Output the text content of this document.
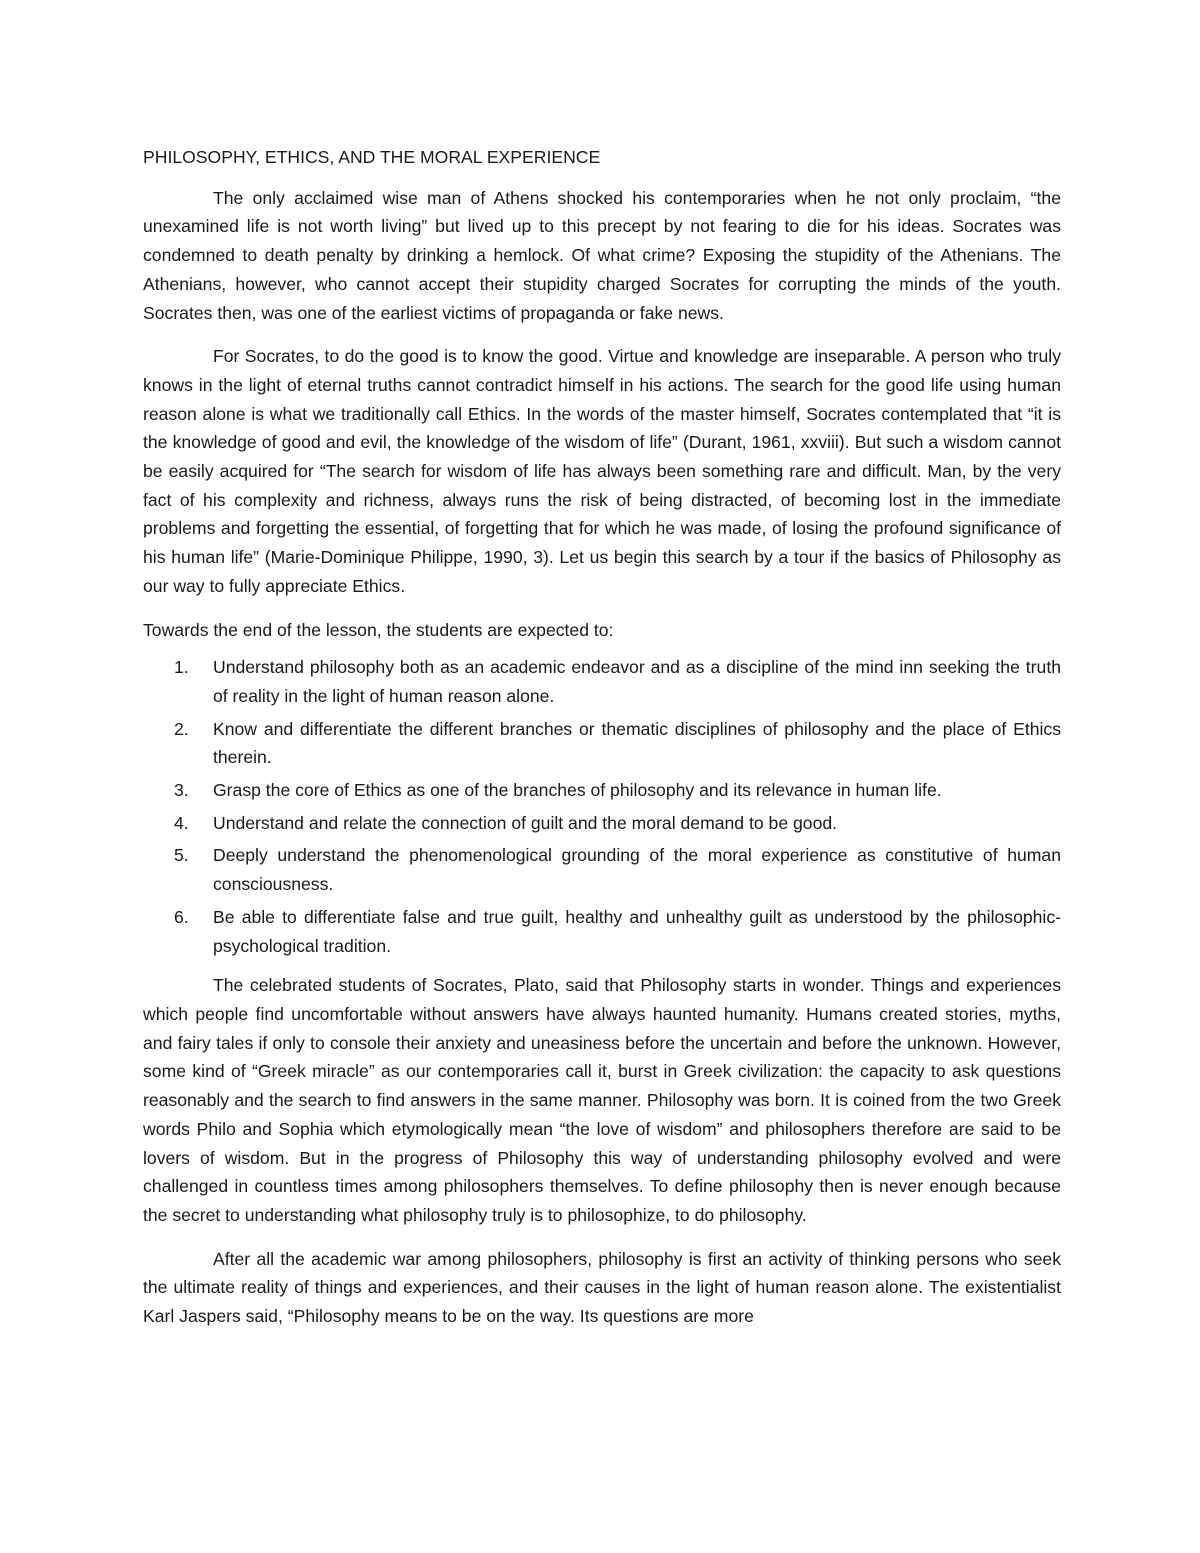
PHILOSOPHY, ETHICS, AND THE MORAL EXPERIENCE

The only acclaimed wise man of Athens shocked his contemporaries when he not only proclaim, “the unexamined life is not worth living” but lived up to this precept by not fearing to die for his ideas. Socrates was condemned to death penalty by drinking a hemlock. Of what crime? Exposing the stupidity of the Athenians. The Athenians, however, who cannot accept their stupidity charged Socrates for corrupting the minds of the youth. Socrates then, was one of the earliest victims of propaganda or fake news.

For Socrates, to do the good is to know the good. Virtue and knowledge are inseparable. A person who truly knows in the light of eternal truths cannot contradict himself in his actions. The search for the good life using human reason alone is what we traditionally call Ethics. In the words of the master himself, Socrates contemplated that “it is the knowledge of good and evil, the knowledge of the wisdom of life” (Durant, 1961, xxviii). But such a wisdom cannot be easily acquired for “The search for wisdom of life has always been something rare and difficult. Man, by the very fact of his complexity and richness, always runs the risk of being distracted, of becoming lost in the immediate problems and forgetting the essential, of forgetting that for which he was made, of losing the profound significance of his human life” (Marie-Dominique Philippe, 1990, 3). Let us begin this search by a tour if the basics of Philosophy as our way to fully appreciate Ethics.

Towards the end of the lesson, the students are expected to:

1. Understand philosophy both as an academic endeavor and as a discipline of the mind inn seeking the truth of reality in the light of human reason alone.
2. Know and differentiate the different branches or thematic disciplines of philosophy and the place of Ethics therein.
3. Grasp the core of Ethics as one of the branches of philosophy and its relevance in human life.
4. Understand and relate the connection of guilt and the moral demand to be good.
5. Deeply understand the phenomenological grounding of the moral experience as constitutive of human consciousness.
6. Be able to differentiate false and true guilt, healthy and unhealthy guilt as understood by the philosophic- psychological tradition.

The celebrated students of Socrates, Plato, said that Philosophy starts in wonder. Things and experiences which people find uncomfortable without answers have always haunted humanity. Humans created stories, myths, and fairy tales if only to console their anxiety and uneasiness before the uncertain and before the unknown. However, some kind of “Greek miracle” as our contemporaries call it, burst in Greek civilization: the capacity to ask questions reasonably and the search to find answers in the same manner. Philosophy was born. It is coined from the two Greek words Philo and Sophia which etymologically mean “the love of wisdom” and philosophers therefore are said to be lovers of wisdom. But in the progress of Philosophy this way of understanding philosophy evolved and were challenged in countless times among philosophers themselves. To define philosophy then is never enough because the secret to understanding what philosophy truly is to philosophize, to do philosophy.

After all the academic war among philosophers, philosophy is first an activity of thinking persons who seek the ultimate reality of things and experiences, and their causes in the light of human reason alone. The existentialist Karl Jaspers said, “Philosophy means to be on the way. Its questions are more
